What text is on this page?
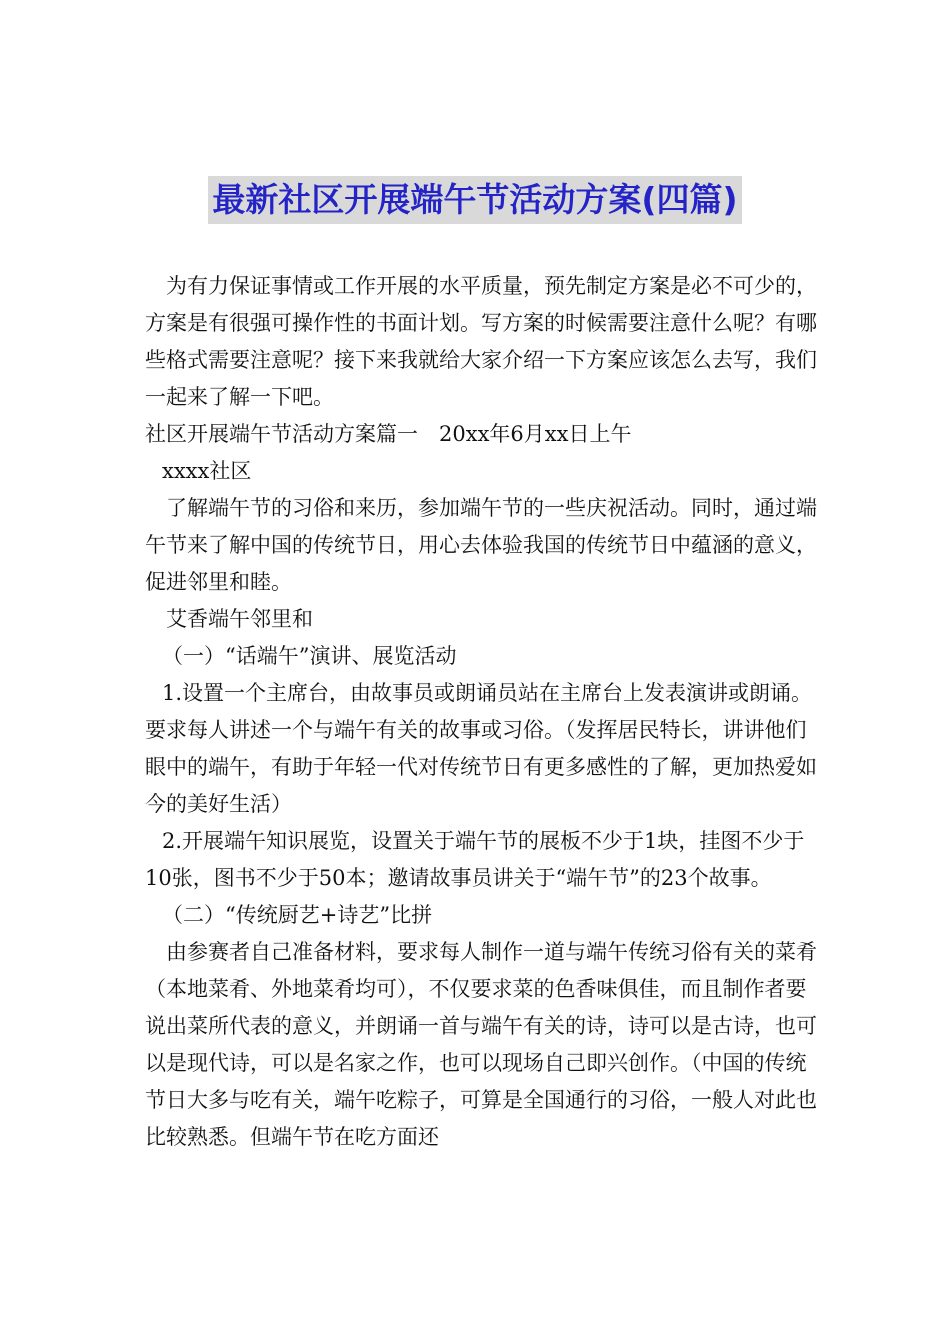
最新社区开展端午节活动方案(四篇)

为有力保证事情或工作开展的水平质量，预先制定方案是必不可少的，方案是有很强可操作性的书面计划。写方案的时候需要注意什么呢？有哪些格式需要注意呢？接下来我就给大家介绍一下方案应该怎么去写，我们一起来了解一下吧。

社区开展端午节活动方案篇一　20xx年6月xx日上午

xxxx社区

了解端午节的习俗和来历，参加端午节的一些庆祝活动。同时，通过端午节来了解中国的传统节日，用心去体验我国的传统节日中蕴涵的意义，促进邻里和睦。

艾香端午邻里和

（一）“话端午”演讲、展览活动

1.设置一个主席台，由故事员或朗诵员站在主席台上发表演讲或朗诵。要求每人讲述一个与端午有关的故事或习俗。（发挥居民特长，讲讲他们眼中的端午，有助于年轻一代对传统节日有更多感性的了解，更加热爱如今的美好生活）

2.开展端午知识展览，设置关于端午节的展板不少于1块，挂图不少于10张，图书不少于50本；邀请故事员讲关于“端午节”的23个故事。

（二）“传统厨艺+诗艺”比拼

由参赛者自己准备材料，要求每人制作一道与端午传统习俗有关的菜肴（本地菜肴、外地菜肴均可），不仅要求菜的色香味俱佳，而且制作者要说出菜所代表的意义，并朗诵一首与端午有关的诗，诗可以是古诗，也可以是现代诗，可以是名家之作，也可以现场自己即兴创作。（中国的传统节日大多与吃有关，端午吃粽子，可算是全国通行的习俗，一般人对此也比较熟悉。但端午节在吃方面还
